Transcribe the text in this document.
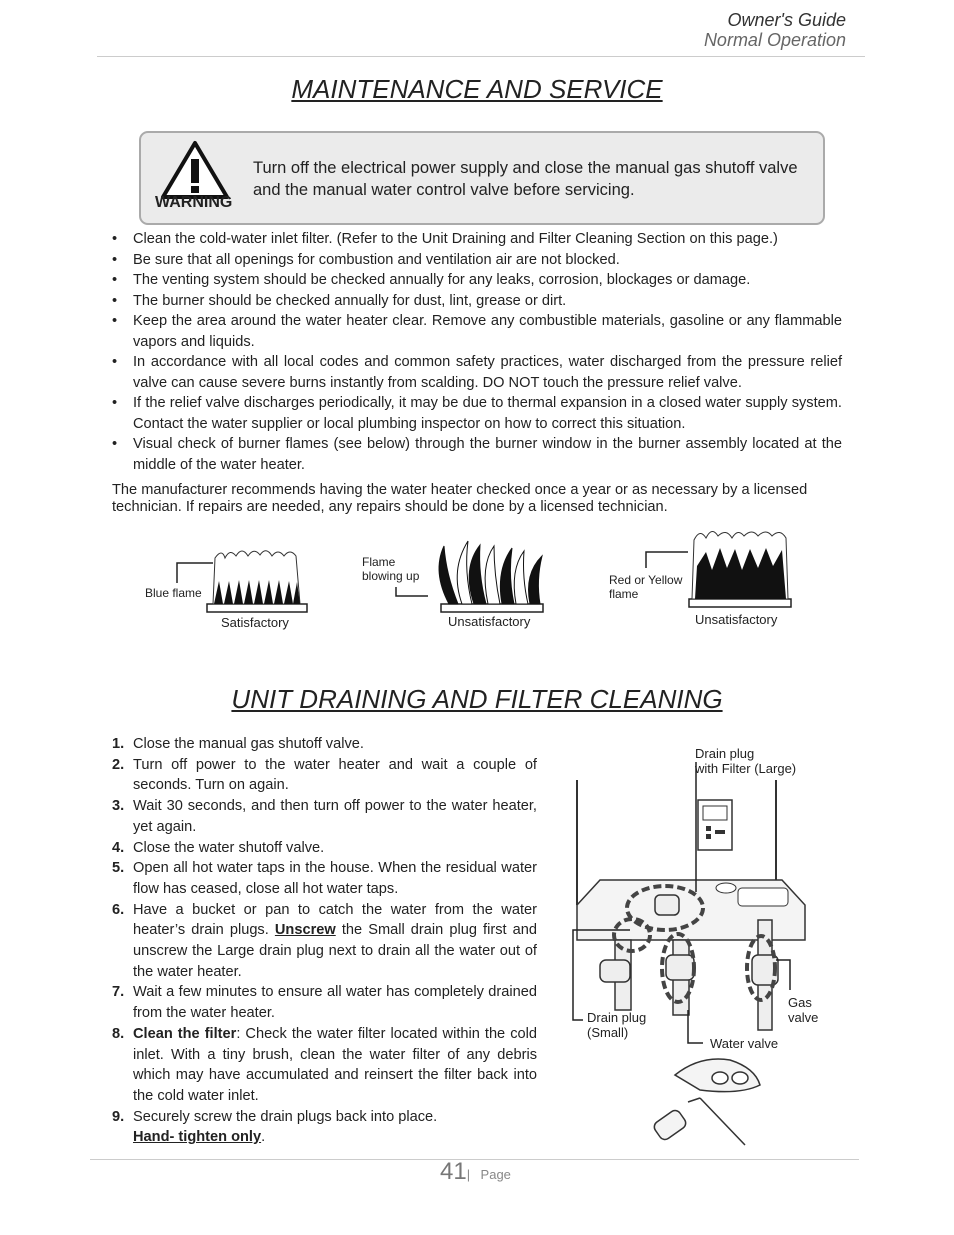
Owner's Guide
Normal Operation
MAINTENANCE AND SERVICE
WARNING
Turn off the electrical power supply and close the manual gas shutoff valve and the manual water control valve before servicing.
• Clean the cold-water inlet filter. (Refer to the Unit Draining and Filter Cleaning Section on this page.)
• Be sure that all openings for combustion and ventilation air are not blocked.
• The venting system should be checked annually for any leaks, corrosion, blockages or damage.
• The burner should be checked annually for dust, lint, grease or dirt.
• Keep the area around the water heater clear. Remove any combustible materials, gasoline or any flammable vapors and liquids.
• In accordance with all local codes and common safety practices, water discharged from the pressure relief valve can cause severe burns instantly from scalding. DO NOT touch the pressure relief valve.
• If the relief valve discharges periodically, it may be due to thermal expansion in a closed water supply system. Contact the water supplier or local plumbing inspector on how to correct this situation.
• Visual check of burner flames (see below) through the burner window in the burner assembly located at the middle of the water heater.
The manufacturer recommends having the water heater checked once a year or as necessary by a licensed technician. If repairs are needed, any repairs should be done by a licensed technician.
Blue flame
Satisfactory
Flame
blowing up
Unsatisfactory
Red or Yellow
flame
Unsatisfactory
UNIT DRAINING AND FILTER CLEANING
1. Close the manual gas shutoff valve.
2. Turn off power to the water heater and wait a couple of seconds. Turn on again.
3. Wait 30 seconds, and then turn off power to the water heater, yet again.
4. Close the water shutoff valve.
5. Open all hot water taps in the house. When the residual water flow has ceased, close all hot water taps.
6. Have a bucket or pan to catch the water from the water heater’s drain plugs. Unscrew the Small drain plug first and unscrew the Large drain plug next to drain all the water out of the water heater.
7. Wait a few minutes to ensure all water has completely drained from the water heater.
8. Clean the filter: Check the water filter located within the cold inlet. With a tiny brush, clean the water filter of any debris which may have accumulated and reinsert the filter back into the cold water inlet.
9. Securely screw the drain plugs back into place.
Hand- tighten only.
Drain plug
with Filter (Large)
Drain plug
(Small)
Gas
valve
Water valve
41| Page
